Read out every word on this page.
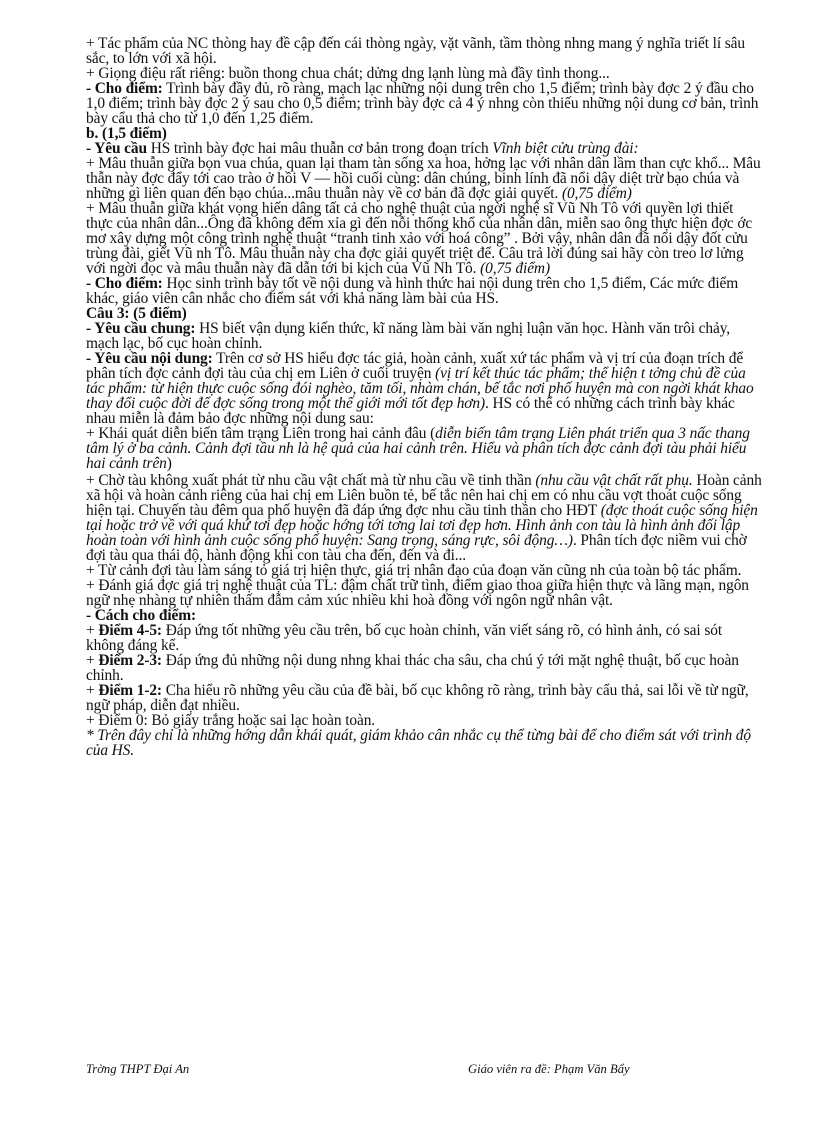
+ Tác phẩm của NC thòng hay đề cập đến cái thòng ngày, vặt vãnh, tầm thòng nhng mang ý nghĩa triết lí sâu sắc, to lớn với xã hội.

+ Giọng điệu rất riêng: buồn thong chua chát; dửng dng lạnh lùng mà đầy tình thong...

- Cho điểm: Trình bày đầy đủ, rõ ràng, mạch lạc những nội dung trên cho 1,5 điểm; trình bày đợc 2 ý đầu cho 1,0 điểm; trình bày đợc 2 ý sau cho 0,5 điểm; trình bày đợc cả 4 ý nhng còn thiếu những nội dung cơ bản, trình bày cẩu thả cho từ 1,0 đến 1,25 điểm.

b. (1,5 điểm)

- Yêu cầu HS trình bày đợc hai mâu thuẫn cơ bản trong đoạn trích Vĩnh biệt cửu trùng đài:

+ Mâu thuẫn giữa bọn vua chúa, quan lại tham tàn sống xa hoa, hởng lạc với nhân dân lầm than cực khổ... Mâu thẫn này đợc đẩy tới cao trào ở hồi V — hồi cuối cùng: dân chúng, binh lính đã nổi dậy diệt trừ bạo chúa và những gì liên quan đến bạo chúa...mâu thuẫn này về cơ bản đã đợc giải quyết. (0,75 điểm)

+ Mâu thuẫn giữa khát vọng hiến dâng tất cả cho nghệ thuật của ngời nghệ sĩ Vũ Nh Tô với quyền lợi thiết thực của nhân dân...Ông đã không đếm xỉa gì đến nỗi thống khổ của nhân dân, miễn sao ông thực hiện đợc ớc mơ xây dựng một công trình nghệ thuật “tranh tinh xảo với hoá công” . Bởi vậy, nhân dân đã nổi dậy đốt cửu trùng đài, giết Vũ nh Tô. Mâu thuẫn này cha đợc giải quyết triệt để. Câu trả lời đúng sai hãy còn treo lơ lửng với ngời đọc và mâu thuẫn này đã dẫn tới bi kịch của Vũ Nh Tô. (0,75 điểm)

- Cho điểm: Học sinh trình bày tốt về nội dung và hình thức hai nội dung trên cho 1,5 điểm, Các mức điểm khác, giáo viên cân nhắc cho điểm sát với khả năng làm bài của HS.

Câu 3: (5 điểm)

- Yêu cầu chung: HS biết vận dụng kiến thức, kĩ năng làm bài văn nghị luận văn học. Hành văn trôi chảy, mạch lạc, bố cục hoàn chỉnh.

- Yêu cầu nội dung: Trên cơ sở HS hiểu đợc tác giả, hoàn cảnh, xuất xứ tác phẩm và vị trí của đoạn trích để phân tích đợc cảnh đợi tàu của chị em Liên ở cuối truyện (vị trí kết thúc tác phẩm; thể hiện t tởng chủ đề của tác phẩm: từ hiện thực cuộc sống đói nghèo, tăm tối, nhàm chán, bế tắc nơi phố huyện mà con ngời khát khao thay đổi cuộc đời để đợc sống trong một thế giới mới tốt đẹp hơn). HS có thể có những cách trình bày khác nhau miễn là đảm bảo đợc những nội dung sau:

+ Khái quát diễn biến tâm trạng Liên trong hai cảnh đâu (diễn biến tâm trạng Liên phát triển qua 3 nấc thang tâm lý ở ba cảnh. Cảnh đợi tầu nh là hệ quả của hai cảnh trên. Hiểu và phân tích đợc cảnh đợi tàu phải hiểu hai cảnh trên)

+ Chờ tàu không xuất phát từ nhu cầu vật chất mà từ nhu cầu về tinh thần (nhu cầu vật chất rất phụ. Hoàn cảnh xã hội và hoàn cảnh riêng của hai chị em Liên buồn tẻ, bế tắc nên hai chị em có nhu cầu vợt thoát cuộc sống hiện tại. Chuyến tàu đêm qua phố huyện đã đáp ứng đợc nhu cầu tinh thần cho HĐT (đợc thoát cuộc sống hiện tại hoặc trở về với quá khứ tơi đẹp hoặc hớng tới tơng lai tơi đẹp hơn. Hình ảnh con tàu là hình ảnh đối lập hoàn toàn với hình ảnh cuộc sống phố huyện: Sang trọng, sáng rực, sôi động…). Phân tích đợc niềm vui chờ đợi tàu qua thái độ, hành động khi con tàu cha đến, đến và đi...

+ Từ cảnh đợi tàu làm sáng tỏ giá trị hiện thực, giá trị nhân đạo của đoạn văn cũng nh của toàn bộ tác phẩm.

+ Đánh giá đợc giá trị nghệ thuật của TL: đậm chất trữ tình, điểm giao thoa giữa hiện thực và lãng mạn, ngôn ngữ nhẹ nhàng tự nhiên thấm đẫm cảm xúc nhiều khi hoà đồng với ngôn ngữ nhân vật.

- Cách cho điểm:

+ Điểm 4-5: Đáp ứng tốt những yêu cầu trên, bố cục hoàn chỉnh, văn viết sáng rõ, có hình ảnh, có sai sót không đáng kể.

+ Điểm 2-3: Đáp ứng đủ những nội dung nhng khai thác cha sâu, cha chú ý tới mặt nghệ thuật, bố cục hoàn chỉnh.

+ Điểm 1-2: Cha hiểu rõ những yêu cầu của đề bài, bố cục không rõ ràng, trình bày cẩu thả, sai lỗi về từ ngữ, ngữ pháp, diễn đạt nhiều.

+ Điểm 0: Bỏ giấy trắng hoặc sai lạc hoàn toàn.

* Trên đây chỉ là những hớng dẫn khái quát, giám khảo cân nhắc cụ thể từng bài để cho điểm sát với trình độ của HS.

Trờng THPT Đại An	Giáo viên ra đề: Phạm Văn Bẩy
